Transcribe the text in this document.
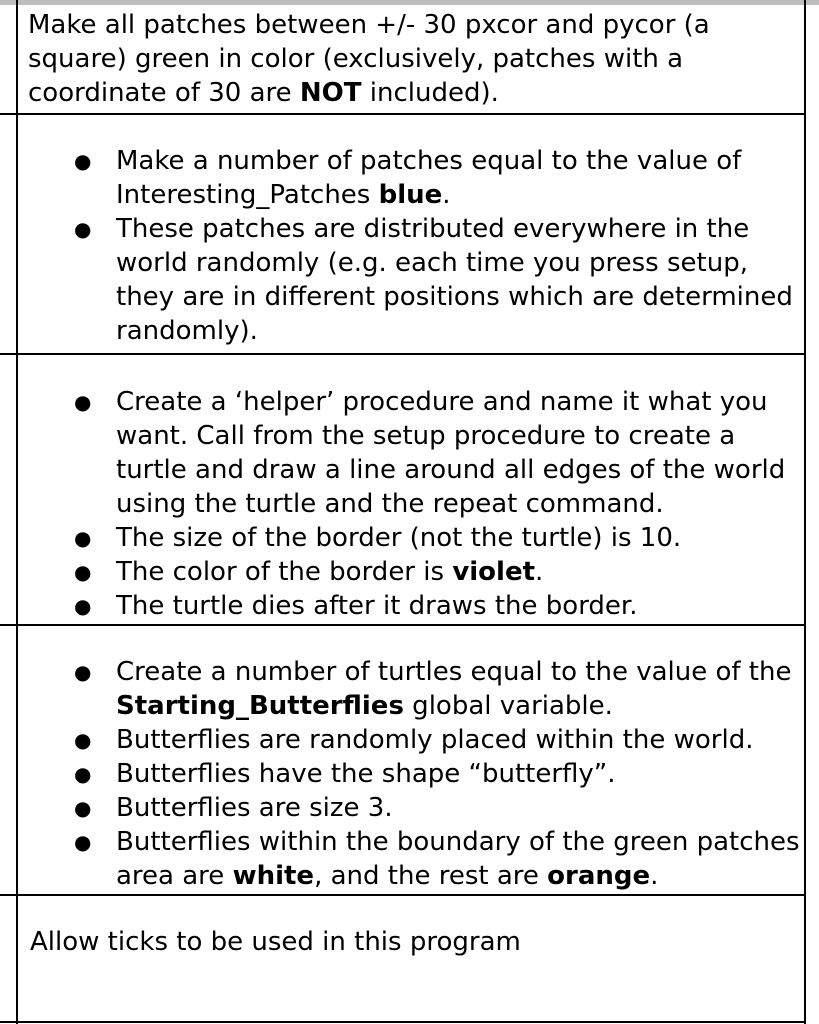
Make all patches between +/- 30 pxcor and pycor (a square) green in color (exclusively, patches with a coordinate of 30 are NOT included).

● Make a number of patches equal to the value of Interesting_Patches blue.
● These patches are distributed everywhere in the world randomly (e.g. each time you press setup, they are in different positions which are determined randomly).
● Create a ‘helper’ procedure and name it what you want. Call from the setup procedure to create a turtle and draw a line around all edges of the world using the turtle and the repeat command.
● The size of the border (not the turtle) is 10.
● The color of the border is violet.
● The turtle dies after it draws the border.
● Create a number of turtles equal to the value of the Starting_Butterflies global variable.
● Butterflies are randomly placed within the world.
● Butterflies have the shape “butterfly”.
● Butterflies are size 3.
● Butterflies within the boundary of the green patches area are white, and the rest are orange.

Allow ticks to be used in this program
